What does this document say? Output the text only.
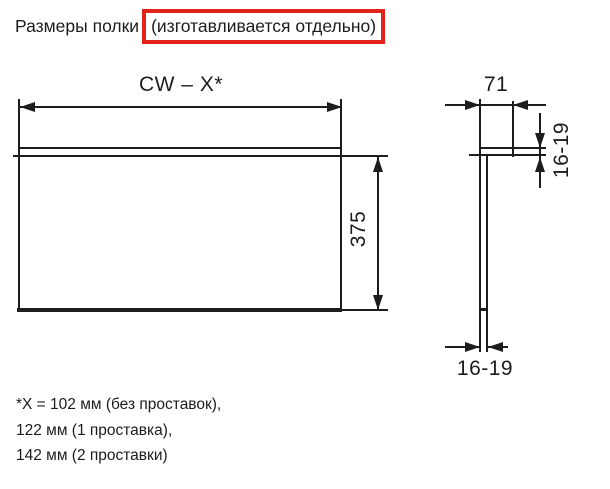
Размеры полки (изготавливается отдельно)
CW – X*
375
71
16-19
16-19
*X = 102 мм (без проставок),
122 мм (1 проставка),
142 мм (2 проставки)
